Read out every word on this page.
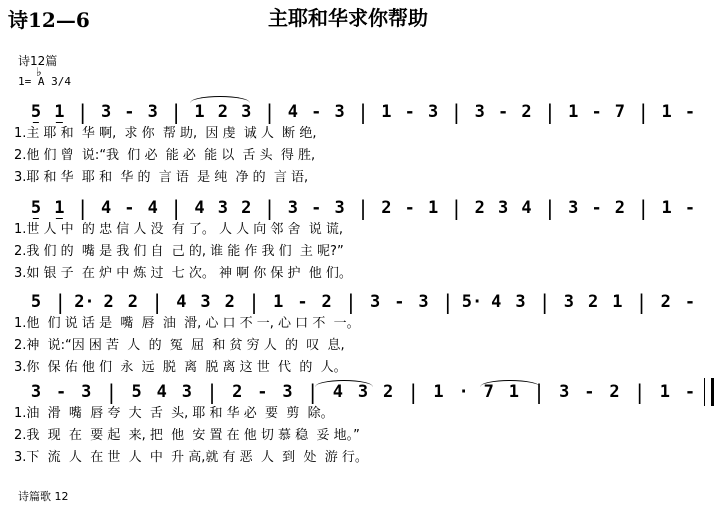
诗12—6	主耶和华求你帮助
诗12篇
♭
1= A 3/4
5 1 | 3 - 3 | 1 2 3 | 4 - 3 | 1 - 3 | 3 - 2 | 1 - 7 | 1 -
1.主 耶 和  华 啊,  求 你  帮 助,  因 虔  诚 人  断 绝,
2.他 们 曾  说:“我  们 必  能 必  能 以  舌 头  得 胜,
3.耶 和 华  耶 和  华 的  言 语  是 纯  净 的  言 语,
5 1 | 4 - 4 | 4 3 2 | 3 - 3 | 2 - 1 | 2 3 4 | 3 - 2 | 1 -
1.世 人 中  的 忠 信 人 没  有 了。 人 人 向 邻 舍  说 谎,
2.我 们 的  嘴 是 我 们 自  己 的, 谁 能 作 我 们  主 呢?”
3.如 银 子  在 炉 中 炼 过  七 次。 神 啊 你 保 护  他 们。
5 | 2· 2 2 | 4 3 2 | 1 - 2 | 3 - 3 | 5· 4 3 | 3 2 1 | 2 -
1.他  们 说 话 是  嘴  唇  油  滑, 心 口 不 一, 心 口 不  一。
2.神  说:“因 困 苦  人  的  冤  屈  和 贫 穷 人  的  叹  息,
3.你  保 佑 他 们  永  远  脱  离  脱 离 这 世  代  的  人。
3 - 3 | 5 4 3 | 2 - 3 | 4 3 2 | 1 · 7 1 | 3 - 2 | 1 -
1.油  滑  嘴  唇 夸  大  舌  头, 耶 和 华 必  要  剪  除。
2.我  现  在  要 起  来, 把  他  安 置 在 他 切 慕 稳  妥 地。”
3.下  流  人  在 世  人  中  升 高,就 有 恶  人  到  处  游 行。
诗篇歌 12
